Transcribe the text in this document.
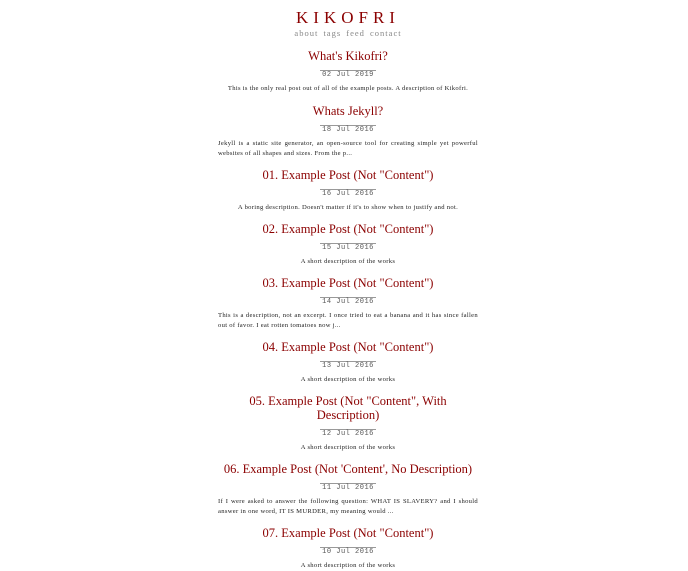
KIKOFRI
about tags feed contact
What's Kikofri?
02 Jul 2019
This is the only real post out of all of the example posts. A description of Kikofri.
Whats Jekyll?
18 Jul 2016
Jekyll is a static site generator, an open-source tool for creating simple yet powerful websites of all shapes and sizes. From the p...
01. Example Post (Not "Content")
16 Jul 2016
A boring description. Doesn't matter if it's to show when to justify and not.
02. Example Post (Not "Content")
15 Jul 2016
A short description of the works
03. Example Post (Not "Content")
14 Jul 2016
This is a description, not an excerpt. I once tried to eat a banana and it has since fallen out of favor. I eat rotten tomatoes now j...
04. Example Post (Not "Content")
13 Jul 2016
A short description of the works
05. Example Post (Not "Content", With Description)
12 Jul 2016
A short description of the works
06. Example Post (Not 'Content', No Description)
11 Jul 2016
If I were asked to answer the following question: WHAT IS SLAVERY? and I should answer in one word, IT IS MURDER, my meaning would ...
07. Example Post (Not "Content")
10 Jul 2016
A short description of the works
